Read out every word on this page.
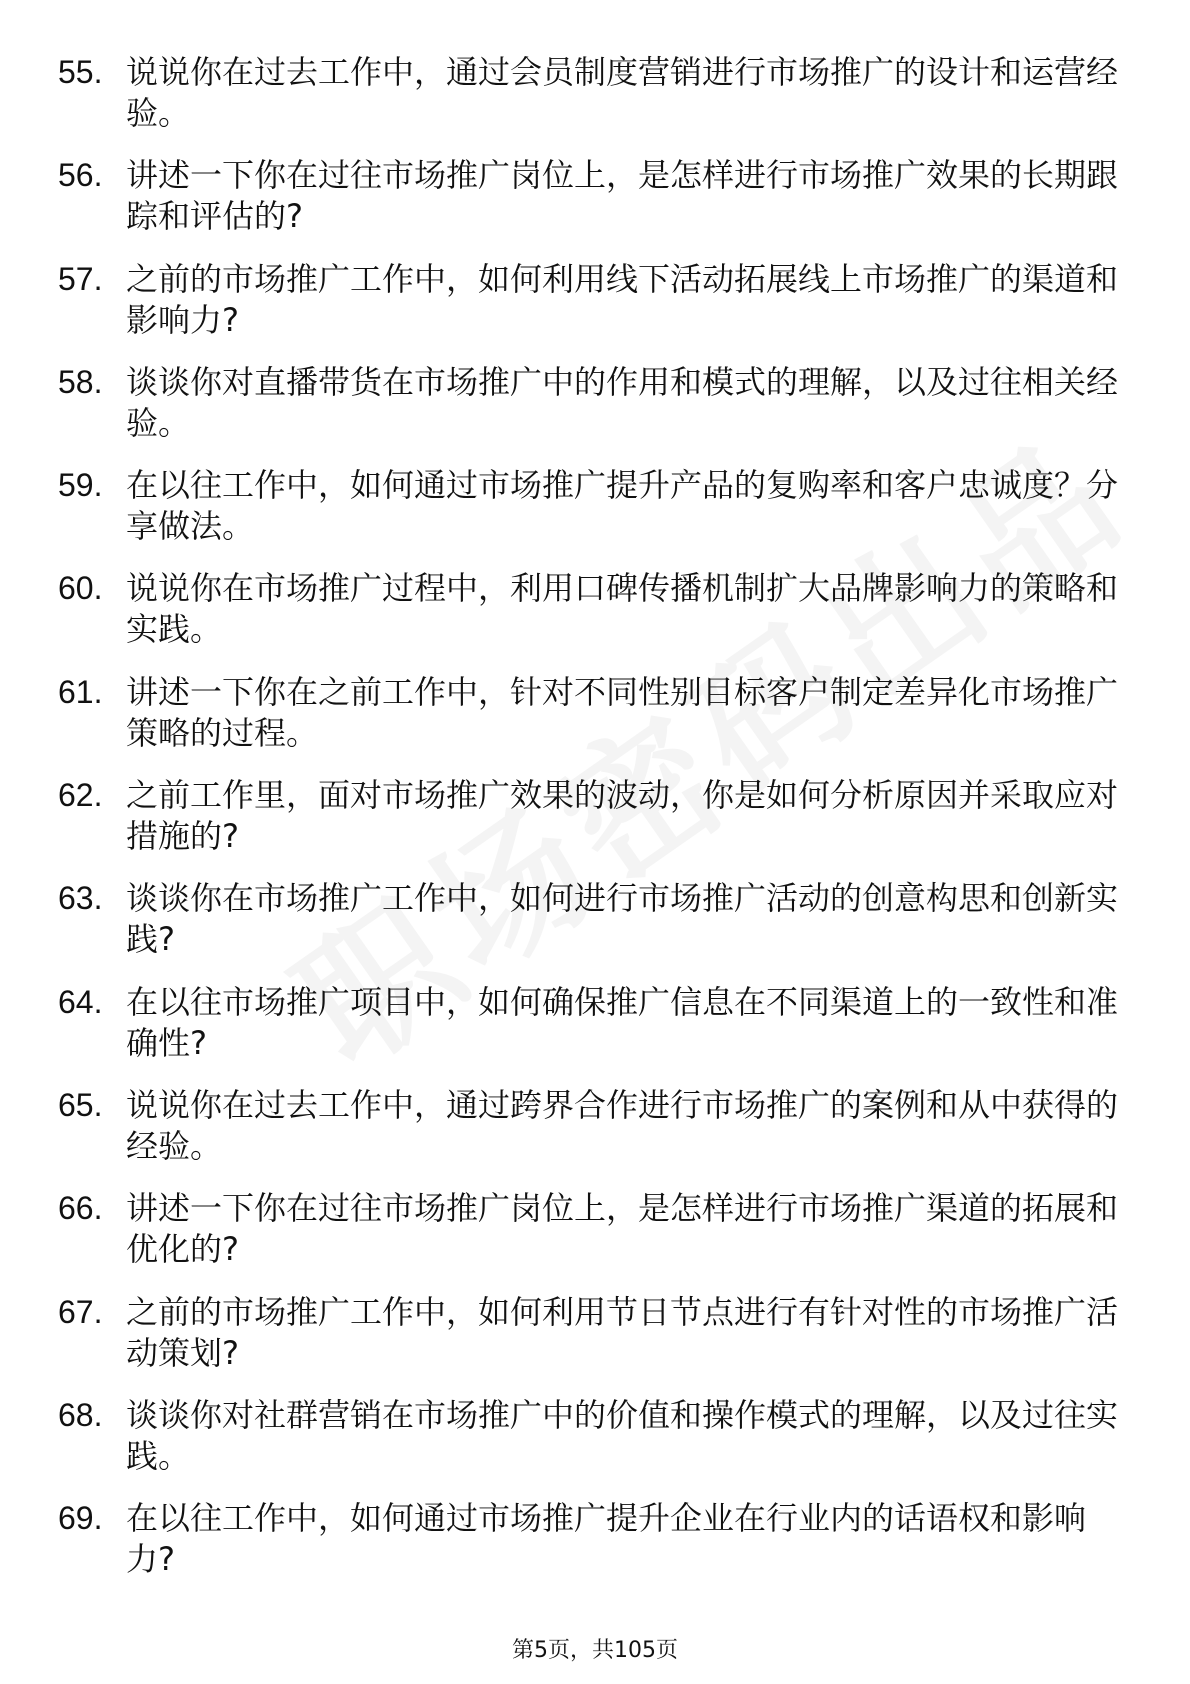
55. 说说你在过去工作中，通过会员制度营销进行市场推广的设计和运营经验。
56. 讲述一下你在过往市场推广岗位上，是怎样进行市场推广效果的长期跟踪和评估的?
57. 之前的市场推广工作中，如何利用线下活动拓展线上市场推广的渠道和影响力?
58. 谈谈你对直播带货在市场推广中的作用和模式的理解，以及过往相关经验。
59. 在以往工作中，如何通过市场推广提升产品的复购率和客户忠诚度？分享做法。
60. 说说你在市场推广过程中，利用口碑传播机制扩大品牌影响力的策略和实践。
61. 讲述一下你在之前工作中，针对不同性别目标客户制定差异化市场推广策略的过程。
62. 之前工作里，面对市场推广效果的波动，你是如何分析原因并采取应对措施的?
63. 谈谈你在市场推广工作中，如何进行市场推广活动的创意构思和创新实践?
64. 在以往市场推广项目中，如何确保推广信息在不同渠道上的一致性和准确性?
65. 说说你在过去工作中，通过跨界合作进行市场推广的案例和从中获得的经验。
66. 讲述一下你在过往市场推广岗位上，是怎样进行市场推广渠道的拓展和优化的?
67. 之前的市场推广工作中，如何利用节日节点进行有针对性的市场推广活动策划?
68. 谈谈你对社群营销在市场推广中的价值和操作模式的理解，以及过往实践。
69. 在以往工作中，如何通过市场推广提升企业在行业内的话语权和影响力?
第5页，共105页
